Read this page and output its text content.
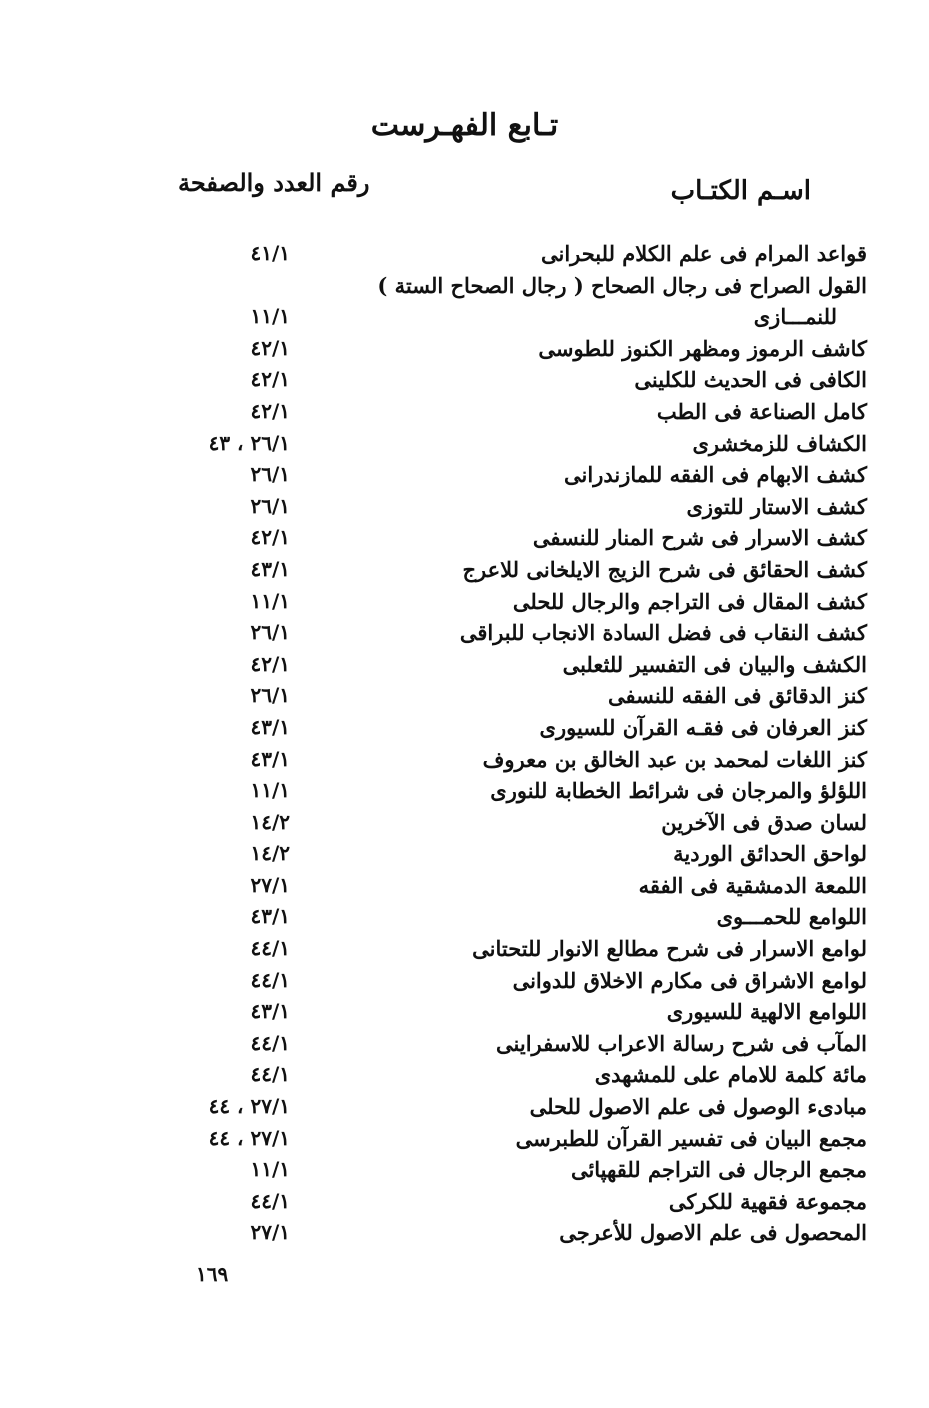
تـابع الفهـرست
اسـم الكتـاب
رقم العدد والصفحة
قواعد المرام فى علم الكلام للبحرانى
٤١/١
القول الصراح فى رجال الصحاح ( رجال الصحاح الستة )
للنمـــازى
١١/١
كاشف الرموز ومظهر الكنوز للطوسى
٤٢/١
الكافى فى الحديث للكلينى
٤٢/١
كامل الصناعة فى الطب
٤٢/١
الكشاف للزمخشرى
٢٦/١ ، ٤٣
كشف الابهام فى الفقه للمازندرانى
٢٦/١
كشف الاستار للتوزى
٢٦/١
كشف الاسرار فى شرح المنار للنسفى
٤٢/١
كشف الحقائق فى شرح الزيج الايلخانى للاعرج
٤٣/١
كشف المقال فى التراجم والرجال للحلى
١١/١
كشف النقاب فى فضل السادة الانجاب للبراقى
٢٦/١
الكشف والبيان فى التفسير للثعلبى
٤٢/١
كنز الدقائق فى الفقه للنسفى
٢٦/١
كنز العرفان فى فقـه القرآن للسيورى
٤٣/١
كنز اللغات لمحمد بن عبد الخالق بن معروف
٤٣/١
اللؤلؤ والمرجان فى شرائط الخطابة للنورى
١١/١
لسان صدق فى الآخرين
١٤/٢
لواحق الحدائق الوردية
١٤/٢
اللمعة الدمشقية فى الفقه
٢٧/١
اللوامع للحمـــوى
٤٣/١
لوامع الاسرار فى شرح مطالع الانوار للتحتانى
٤٤/١
لوامع الاشراق فى مكارم الاخلاق للدوانى
٤٤/١
اللوامع الالهية للسيورى
٤٣/١
المآب فى شرح رسالة الاعراب للاسفراينى
٤٤/١
مائة كلمة للامام على للمشهدى
٤٤/١
مبادىء الوصول فى علم الاصول للحلى
٢٧/١ ، ٤٤
مجمع البيان فى تفسير القرآن للطبرسى
٢٧/١ ، ٤٤
مجمع الرجال فى التراجم للقهپائى
١١/١
مجموعة فقهية للكركى
٤٤/١
المحصول فى علم الاصول للأعرجى
٢٧/١
١٦٩
